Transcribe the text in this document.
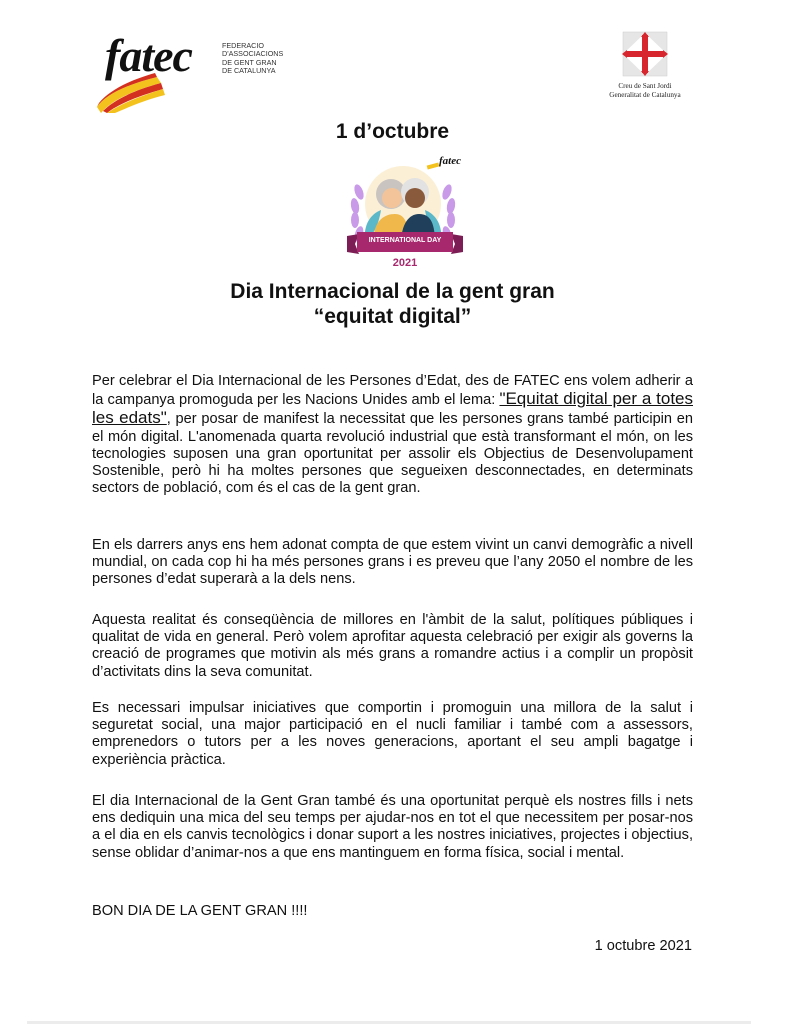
fatec	FEDERACIO
D'ASSOCIACIONS
DE GENT GRAN
DE CATALUNYA
Creu de Sant Jordi
Generalitat de Catalunya
1 d’octubre
INTERNATIONAL DAY
2021
fatec
Dia Internacional de la gent gran
“equitat digital”

Per celebrar el Dia Internacional de les Persones d’Edat, des de FATEC ens volem adherir a la campanya promoguda per les Nacions Unides amb el lema: "Equitat digital per a totes les edats", per posar de manifest la necessitat que les persones grans també participin en el món digital. L'anomenada quarta revolució industrial que està transformant el món, on les tecnologies suposen una gran oportunitat per assolir els Objectius de Desenvolupament Sostenible, però hi ha moltes persones que segueixen desconnectades, en determinats sectors de població, com és el cas de la gent gran.

En els darrers anys ens hem adonat compta de que estem vivint un canvi demogràfic a nivell mundial, on cada cop hi ha més persones grans i es preveu que l’any 2050 el nombre de les persones d’edat superarà a la dels nens.

Aquesta realitat és conseqüència de millores en l'àmbit de la salut, polítiques públiques i qualitat de vida en general. Però volem aprofitar aquesta celebració per exigir als governs la creació de programes que motivin als més grans a romandre actius i a complir un propòsit d’activitats dins la seva comunitat.

Es necessari impulsar iniciatives que comportin i promoguin una millora de la salut i seguretat social, una major participació en el nucli familiar i també com a assessors, emprenedors o tutors per a les noves generacions, aportant el seu ampli bagatge i experiència pràctica.

El dia Internacional de la Gent Gran també és una oportunitat perquè els nostres fills i nets ens dediquin una mica del seu temps per ajudar-nos en tot el que necessitem per posar-nos a el dia en els canvis tecnològics i donar suport a les nostres iniciatives, projectes i objectius, sense oblidar d’animar-nos a que ens mantinguem en forma física, social i mental.

BON DIA DE LA GENT GRAN !!!!
1 octubre 2021
